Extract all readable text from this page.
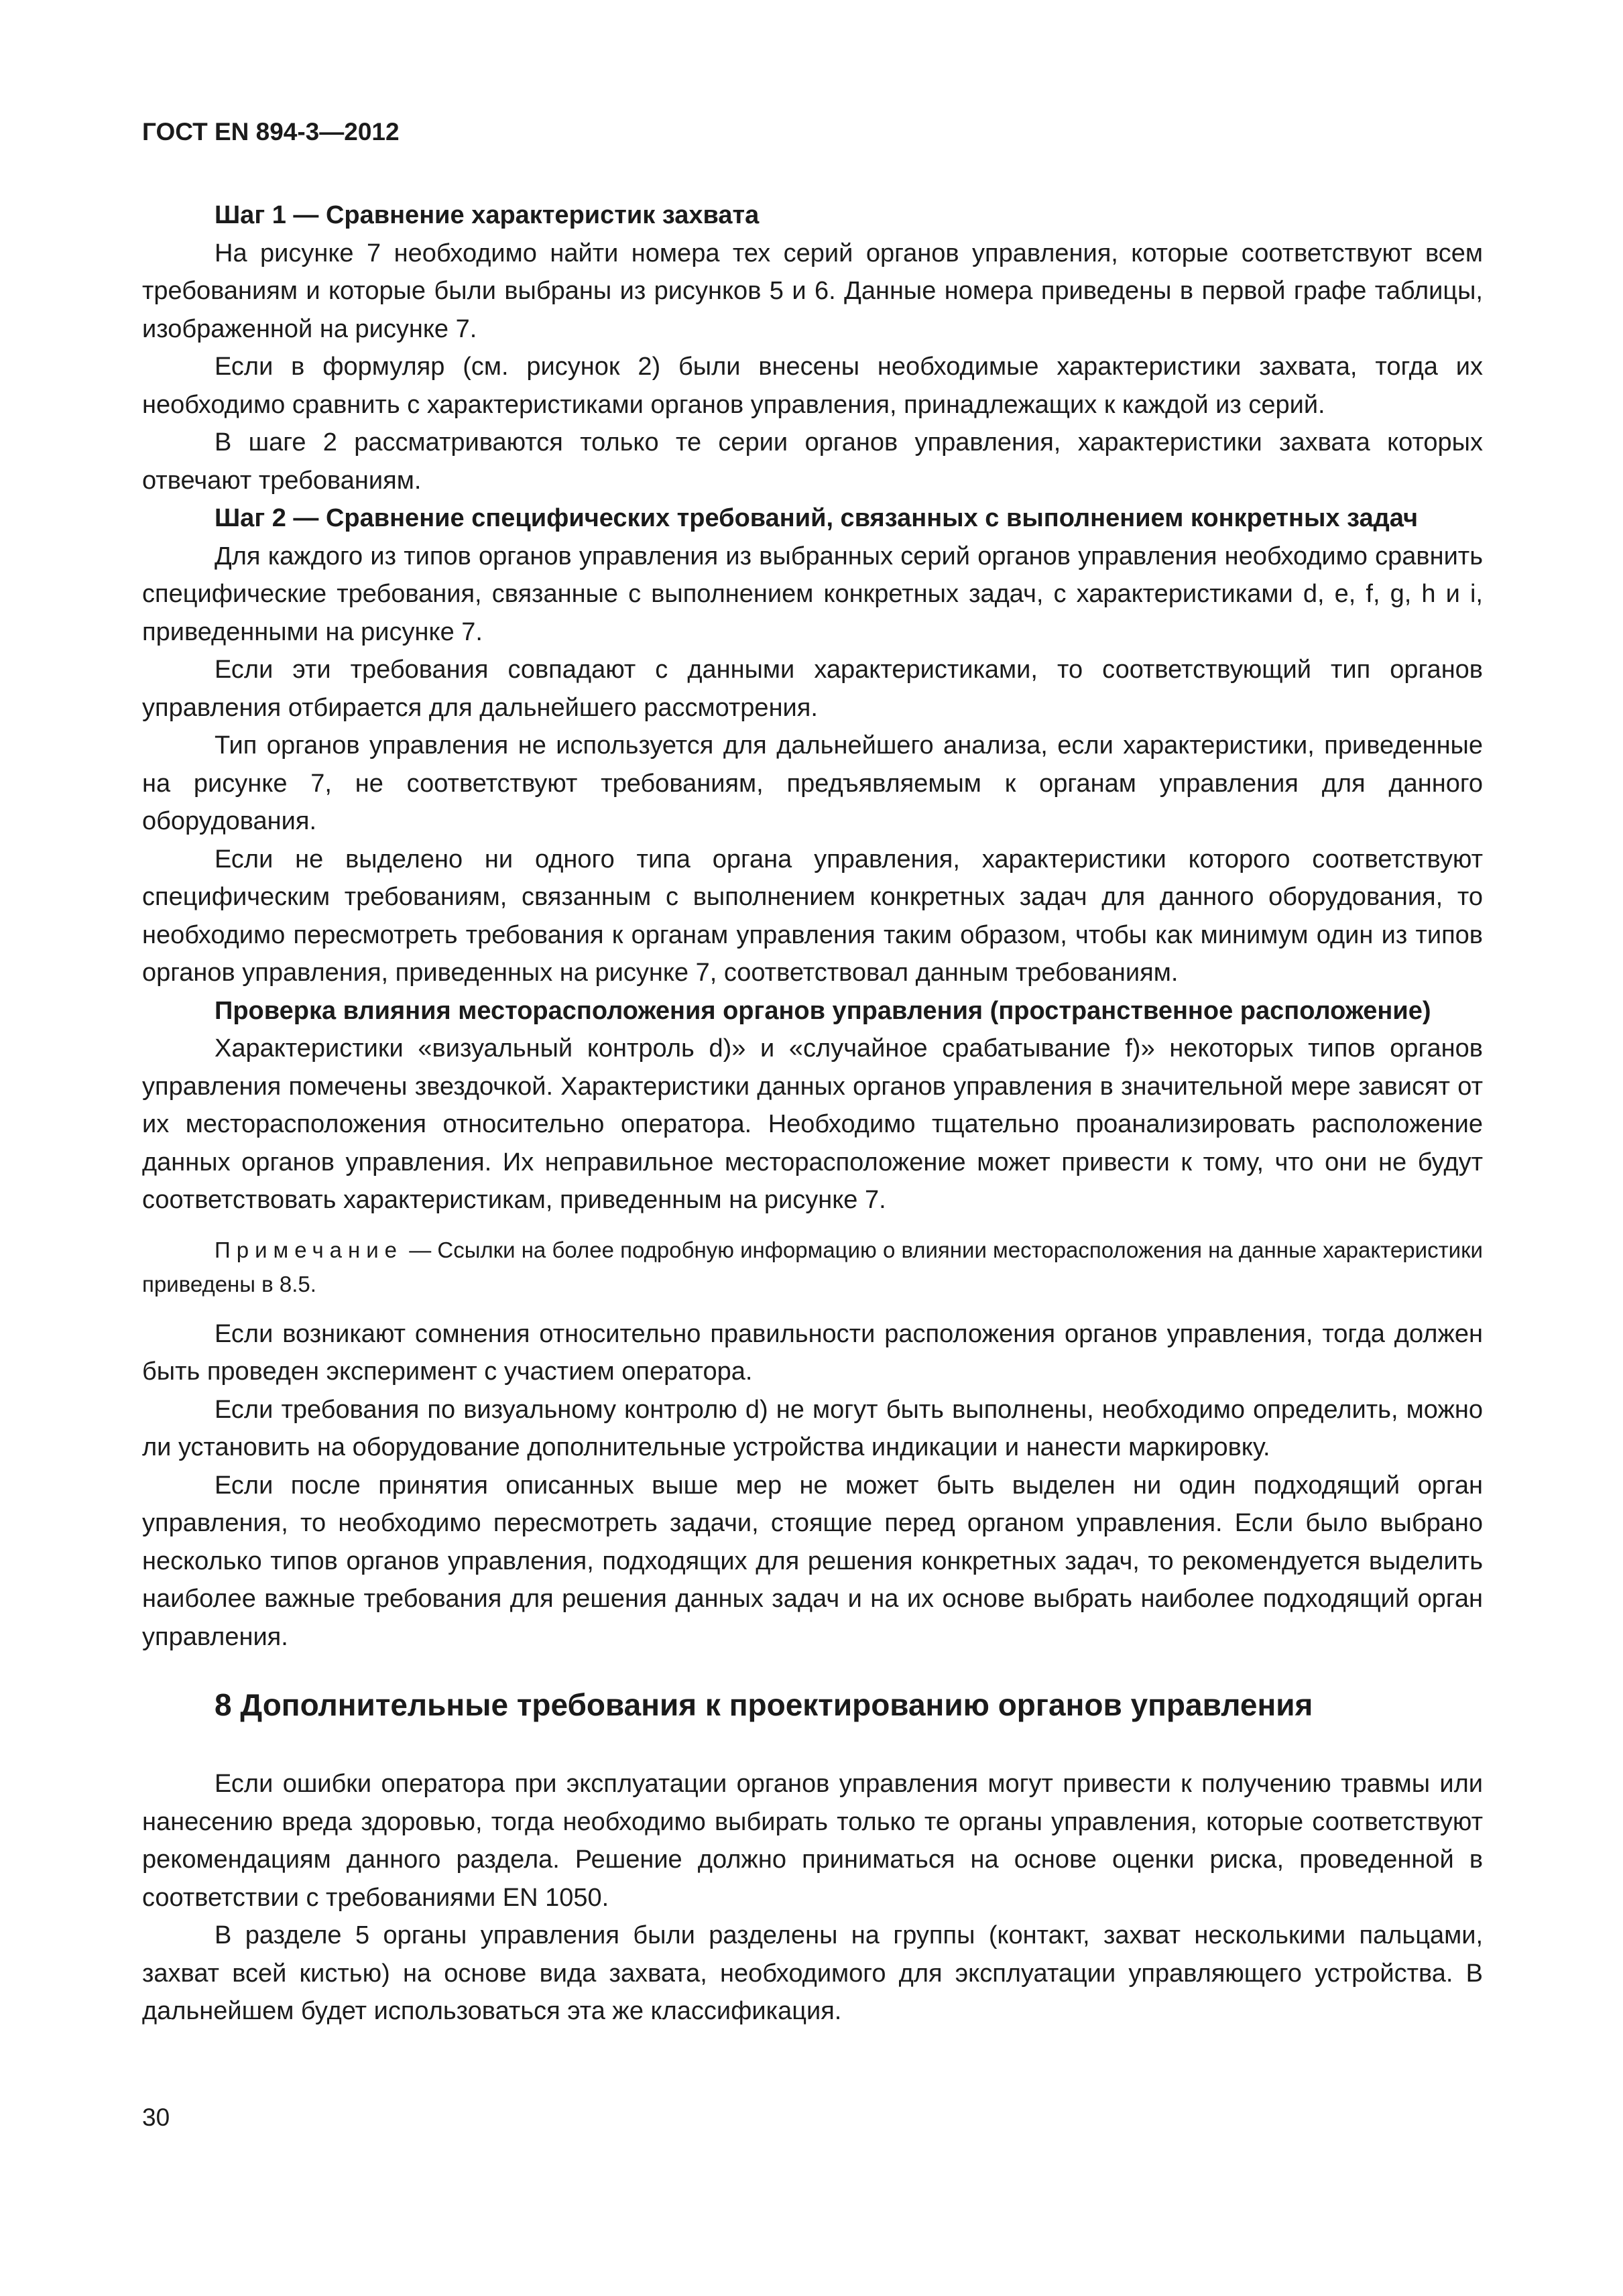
ГОСТ EN 894-3—2012

Шаг 1 — Сравнение характеристик захвата

На рисунке 7 необходимо найти номера тех серий органов управления, которые соответствуют всем требованиям и которые были выбраны из рисунков 5 и 6. Данные номера приведены в первой графе таблицы, изображенной на рисунке 7.

Если в формуляр (см. рисунок 2) были внесены необходимые характеристики захвата, тогда их необходимо сравнить с характеристиками органов управления, принадлежащих к каждой из серий.

В шаге 2 рассматриваются только те серии органов управления, характеристики захвата которых отвечают требованиям.

Шаг 2 — Сравнение специфических требований, связанных с выполнением конкретных задач

Для каждого из типов органов управления из выбранных серий органов управления необходимо сравнить специфические требования, связанные с выполнением конкретных задач, с характеристиками d, e, f, g, h и i, приведенными на рисунке 7.

Если эти требования совпадают с данными характеристиками, то соответствующий тип органов управления отбирается для дальнейшего рассмотрения.

Тип органов управления не используется для дальнейшего анализа, если характеристики, приведенные на рисунке 7, не соответствуют требованиям, предъявляемым к органам управления для данного оборудования.

Если не выделено ни одного типа органа управления, характеристики которого соответствуют специфическим требованиям, связанным с выполнением конкретных задач для данного оборудования, то необходимо пересмотреть требования к органам управления таким образом, чтобы как минимум один из типов органов управления, приведенных на рисунке 7, соответствовал данным требованиям.

Проверка влияния месторасположения органов управления (пространственное расположение)

Характеристики «визуальный контроль d)» и «случайное срабатывание f)» некоторых типов органов управления помечены звездочкой. Характеристики данных органов управления в значительной мере зависят от их месторасположения относительно оператора. Необходимо тщательно проанализировать расположение данных органов управления. Их неправильное месторасположение может привести к тому, что они не будут соответствовать характеристикам, приведенным на рисунке 7.

Примечание — Ссылки на более подробную информацию о влиянии месторасположения на данные характеристики приведены в 8.5.

Если возникают сомнения относительно правильности расположения органов управления, тогда должен быть проведен эксперимент с участием оператора.

Если требования по визуальному контролю d) не могут быть выполнены, необходимо определить, можно ли установить на оборудование дополнительные устройства индикации и нанести маркировку.

Если после принятия описанных выше мер не может быть выделен ни один подходящий орган управления, то необходимо пересмотреть задачи, стоящие перед органом управления. Если было выбрано несколько типов органов управления, подходящих для решения конкретных задач, то рекомендуется выделить наиболее важные требования для решения данных задач и на их основе выбрать наиболее подходящий орган управления.

8 Дополнительные требования к проектированию органов управления

Если ошибки оператора при эксплуатации органов управления могут привести к получению травмы или нанесению вреда здоровью, тогда необходимо выбирать только те органы управления, которые соответствуют рекомендациям данного раздела. Решение должно приниматься на основе оценки риска, проведенной в соответствии с требованиями EN 1050.

В разделе 5 органы управления были разделены на группы (контакт, захват несколькими пальцами, захват всей кистью) на основе вида захвата, необходимого для эксплуатации управляющего устройства. В дальнейшем будет использоваться эта же классификация.

30
